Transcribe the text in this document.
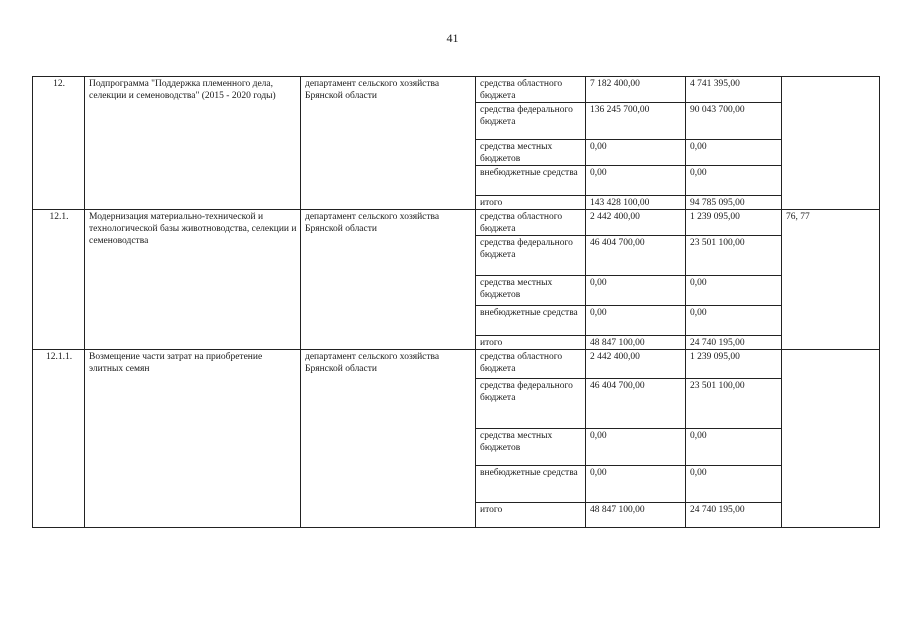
41
12.	Подпрограмма "Поддержка племенного дела, селекции и семеноводства" (2015 - 2020 годы)	департамент сельского хозяйства Брянской области	средства областного бюджета	7 182 400,00	4 741 395,00	
			средства федерального бюджета	136 245 700,00	90 043 700,00	
			средства местных бюджетов	0,00	0,00	
			внебюджетные средства	0,00	0,00	
			итого	143 428 100,00	94 785 095,00	
12.1.	Модернизация материально-технической и технологической базы животноводства, селекции и семеноводства	департамент сельского хозяйства Брянской области	средства областного бюджета	2 442 400,00	1 239 095,00	76, 77
			средства федерального бюджета	46 404 700,00	23 501 100,00	
			средства местных бюджетов	0,00	0,00	
			внебюджетные средства	0,00	0,00	
			итого	48 847 100,00	24 740 195,00	
12.1.1.	Возмещение части затрат на приобретение элитных семян	департамент сельского хозяйства Брянской области	средства областного бюджета	2 442 400,00	1 239 095,00	
			средства федерального бюджета	46 404 700,00	23 501 100,00	
			средства местных бюджетов	0,00	0,00	
			внебюджетные средства	0,00	0,00	
			итого	48 847 100,00	24 740 195,00	
